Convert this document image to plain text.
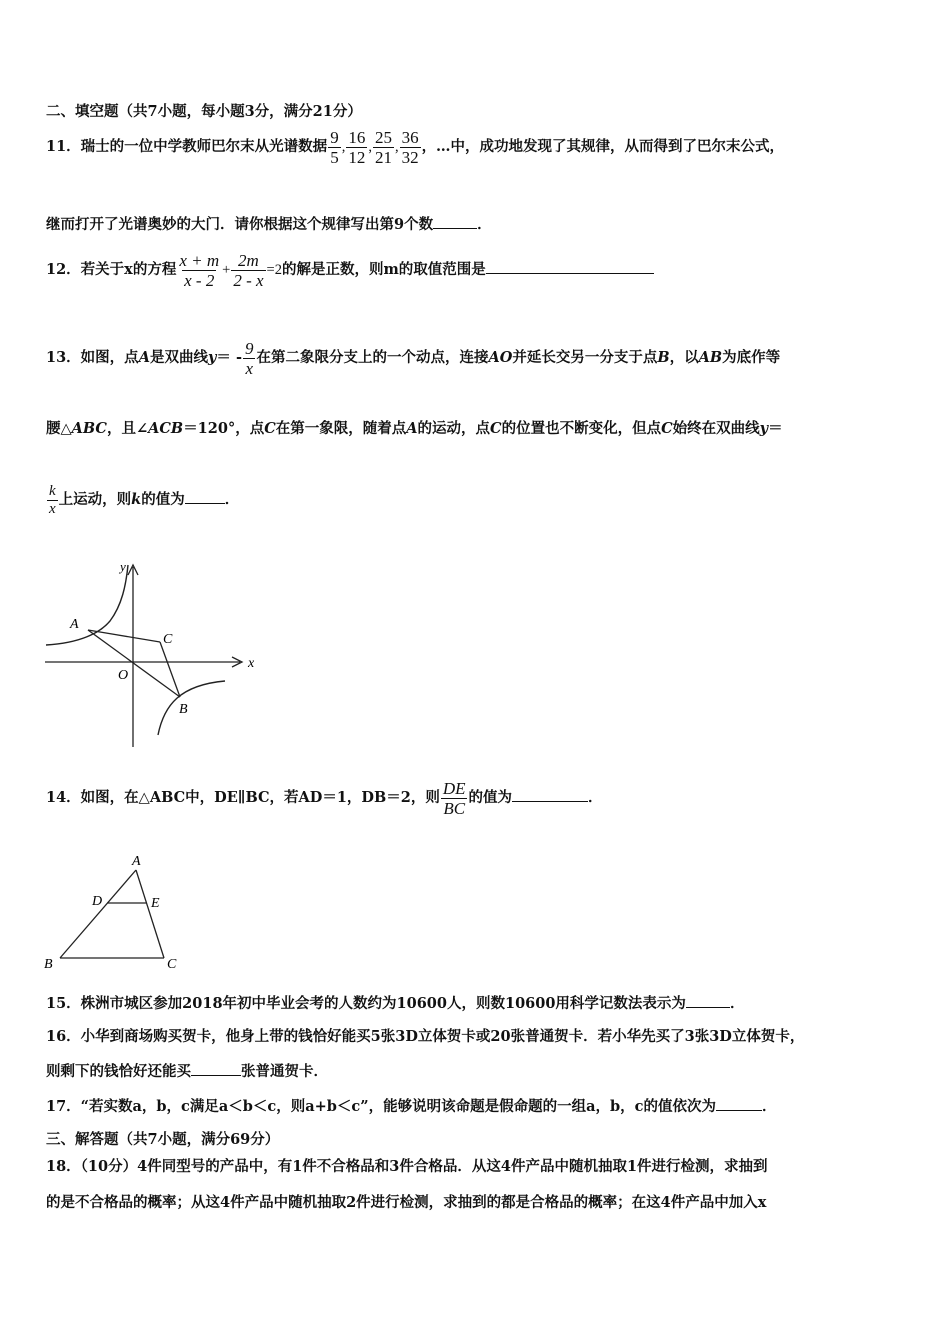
二、填空题（共7小题，每小题3分，满分21分）
11．瑞士的一位中学教师巴尔末从光谱数据 $\frac{9}{5}$ , $\frac{16}{12}$ , $\frac{25}{21}$ , $\frac{36}{32}$ ，…中，成功地发现了其规律，从而得到了巴尔末公式，
继而打开了光谱奥妙的大门．请你根据这个规律写出第9个数	．
12．若关于x的方程 $\frac{x + m}{x - 2} + \frac{2m}{2 - x} =2$的解是正数，则m的取值范围是
13．如图，点A是双曲线$y= - \frac{9}{x}$ 在第二象限分支上的一个动点，连接AO并延长交另一分支于点B，以AB为底作等
腰△ABC，且∠ACB＝120°，点C在第一象限，随着点A的运动，点C的位置也不断变化，但点C始终在双曲线y＝
$\frac{k}{x}$ 上运动，则k的值为	．
y
x
A
C
O
B
14．如图，在△ABC中，DE∥BC，若AD＝1，DB＝2，则 $\frac{DE}{BC}$ 的值为	．
A
D	E
B	C
15．株洲市城区参加2018年初中毕业会考的人数约为10600人，则数10600用科学记数法表示为	．
16．小华到商场购买贺卡，他身上带的钱恰好能买5张3D立体贺卡或20张普通贺卡．若小华先买了3张3D立体贺卡，
则剩下的钱恰好还能买	张普通贺卡．
17．“若实数a，b，c满足a＜b＜c，则a+b＜c”，能够说明该命题是假命题的一组a，b，c的值依次为	．
三、解答题（共7小题，满分69分）
18．（10分）4件同型号的产品中，有1件不合格品和3件合格品．从这4件产品中随机抽取1件进行检测，求抽到
的是不合格品的概率；从这4件产品中随机抽取2件进行检测，求抽到的都是合格品的概率；在这4件产品中加入x
